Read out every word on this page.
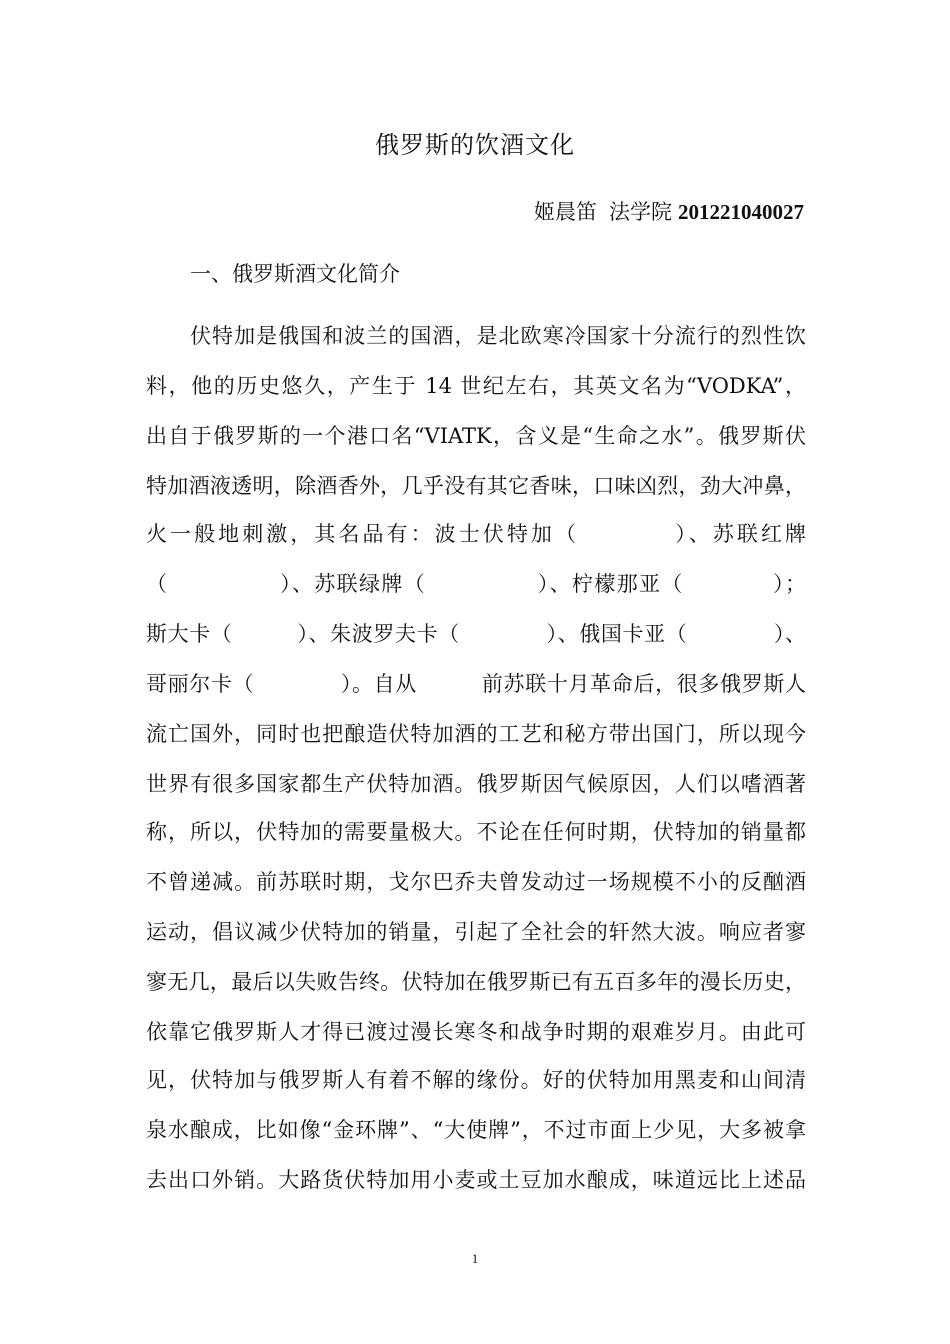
俄罗斯的饮酒文化
姬晨笛 法学院 201221040027
一、俄罗斯酒文化简介
伏特加是俄国和波兰的国酒，是北欧寒冷国家十分流行的烈性饮
料，他的历史悠久，产生于 14 世纪左右，其英文名为“VODKA”，
出自于俄罗斯的一个港口名“VIATK，含义是“生命之水”。俄罗斯伏
特加酒液透明，除酒香外，几乎没有其它香味，口味凶烈，劲大冲鼻，
火一般地刺激，其名品有：波士伏特加（　　　　）、苏联红牌
（　　　　　）、苏联绿牌（　　　　　）、柠檬那亚（　　　　）；
斯大卡（　　　）、朱波罗夫卡（　　　　）、俄国卡亚（　　　　）、
哥丽尔卡（　　　　）。自从　　　前苏联十月革命后，很多俄罗斯人
流亡国外，同时也把酿造伏特加酒的工艺和秘方带出国门，所以现今
世界有很多国家都生产伏特加酒。俄罗斯因气候原因，人们以嗜酒著
称，所以，伏特加的需要量极大。不论在任何时期，伏特加的销量都
不曾递减。前苏联时期，戈尔巴乔夫曾发动过一场规模不小的反酗酒
运动，倡议减少伏特加的销量，引起了全社会的轩然大波。响应者寥
寥无几，最后以失败告终。伏特加在俄罗斯已有五百多年的漫长历史，
依靠它俄罗斯人才得已渡过漫长寒冬和战争时期的艰难岁月。由此可
见，伏特加与俄罗斯人有着不解的缘份。好的伏特加用黑麦和山间清
泉水酿成，比如像“金环牌”、“大使牌”，不过市面上少见，大多被拿
去出口外销。大路货伏特加用小麦或土豆加水酿成，味道远比上述品
1
